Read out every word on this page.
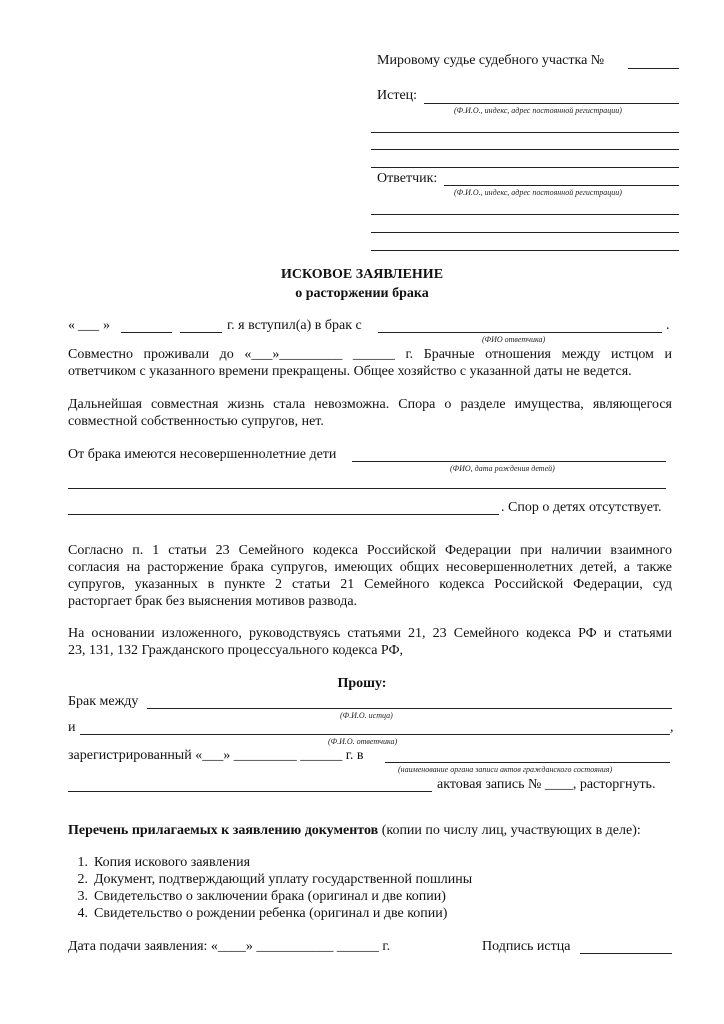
Мировому судье судебного участка №
Истец:
(Ф.И.О., индекс, адрес постоянной регистрации)
Ответчик:
(Ф.И.О., индекс, адрес постоянной регистрации)
ИСКОВОЕ ЗАЯВЛЕНИЕ
о расторжении брака
« ___ »	г. я вступил(а) в брак с	.
(ФИО ответчика)
Совместно проживали до «___»_________ ______ г. Брачные отношения между истцом и
ответчиком с указанного времени прекращены. Общее хозяйство с указанной даты не ведется.
Дальнейшая совместная жизнь стала невозможна. Спора о разделе имущества, являющегося
совместной собственностью супругов, нет.
От брака имеются несовершеннолетние дети
(ФИО, дата рождения детей)
. Спор о детях отсутствует.
Согласно п. 1 статьи 23 Семейного кодекса Российской Федерации при наличии взаимного
согласия на расторжение брака супругов, имеющих общих несовершеннолетних детей, а также
супругов, указанных в пункте 2 статьи 21 Семейного кодекса Российской Федерации, суд
расторгает брак без выяснения мотивов развода.
На основании изложенного, руководствуясь статьями 21, 23 Семейного кодекса РФ и статьями
23, 131, 132 Гражданского процессуального кодекса РФ,
Прошу:
Брак между
(Ф.И.О. истца)
и	,
(Ф.И.О. ответчика)
зарегистрированный «___» _________ ______ г. в
(наименование органа записи актов гражданского состояния)
актовая запись № ____, расторгнуть.
Перечень прилагаемых к заявлению документов (копии по числу лиц, участвующих в деле):
1. Копия искового заявления
2. Документ, подтверждающий уплату государственной пошлины
3. Свидетельство о заключении брака (оригинал и две копии)
4. Свидетельство о рождении ребенка (оригинал и две копии)
Дата подачи заявления: «____» ___________ ______ г.	Подпись истца
